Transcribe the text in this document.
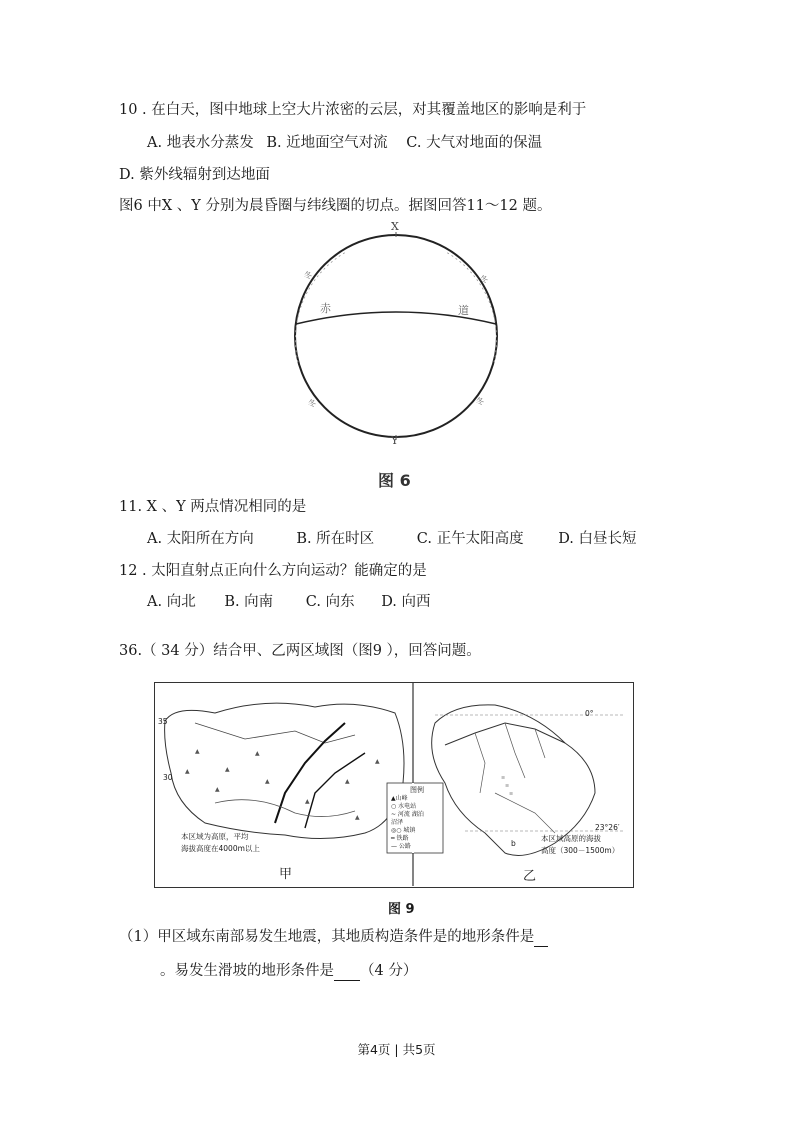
10 . 在白天，图中地球上空大片浓密的云层，对其覆盖地区的影响是利于
A. 地表水分蒸发 B. 近地面空气对流 C. 大气对地面的保温
D. 紫外线辐射到达地面
图6 中X 、Y 分别为晨昏圈与纬线圈的切点。据图回答11～12 题。
冬	冬
冬	冬
X
Y
赤	道
图 6
11. X 、Y 两点情况相同的是
A. 太阳所在方向	B. 所在时区	C. 正午太阳高度 D. 白昼长短
12 . 太阳直射点正向什么方向运动？能确定的是
A. 向北 B. 向南 C. 向东 D. 向西
36.（ 34 分）结合甲、乙两区域图（图9 ），回答问题。
▲
▲
▲
▲
▲
▲
▲
▲
▲
▲
≡
≡
≡
35
30
0°
23°26′
b
本区域为高原，平均
海拔高度在4000m以上
本区域高原的海拔
高度（300－1500m）
图例
▲山峰
○ 水电站
~ 河流 湖泊
沼泽
◎○ 城镇
━ 铁路
— 公路
甲	乙
图 9
（1）甲区域东南部易发生地震，其地质构造条件是的地形条件是
。易发生滑坡的地形条件是 （4 分）
第4页 | 共5页
